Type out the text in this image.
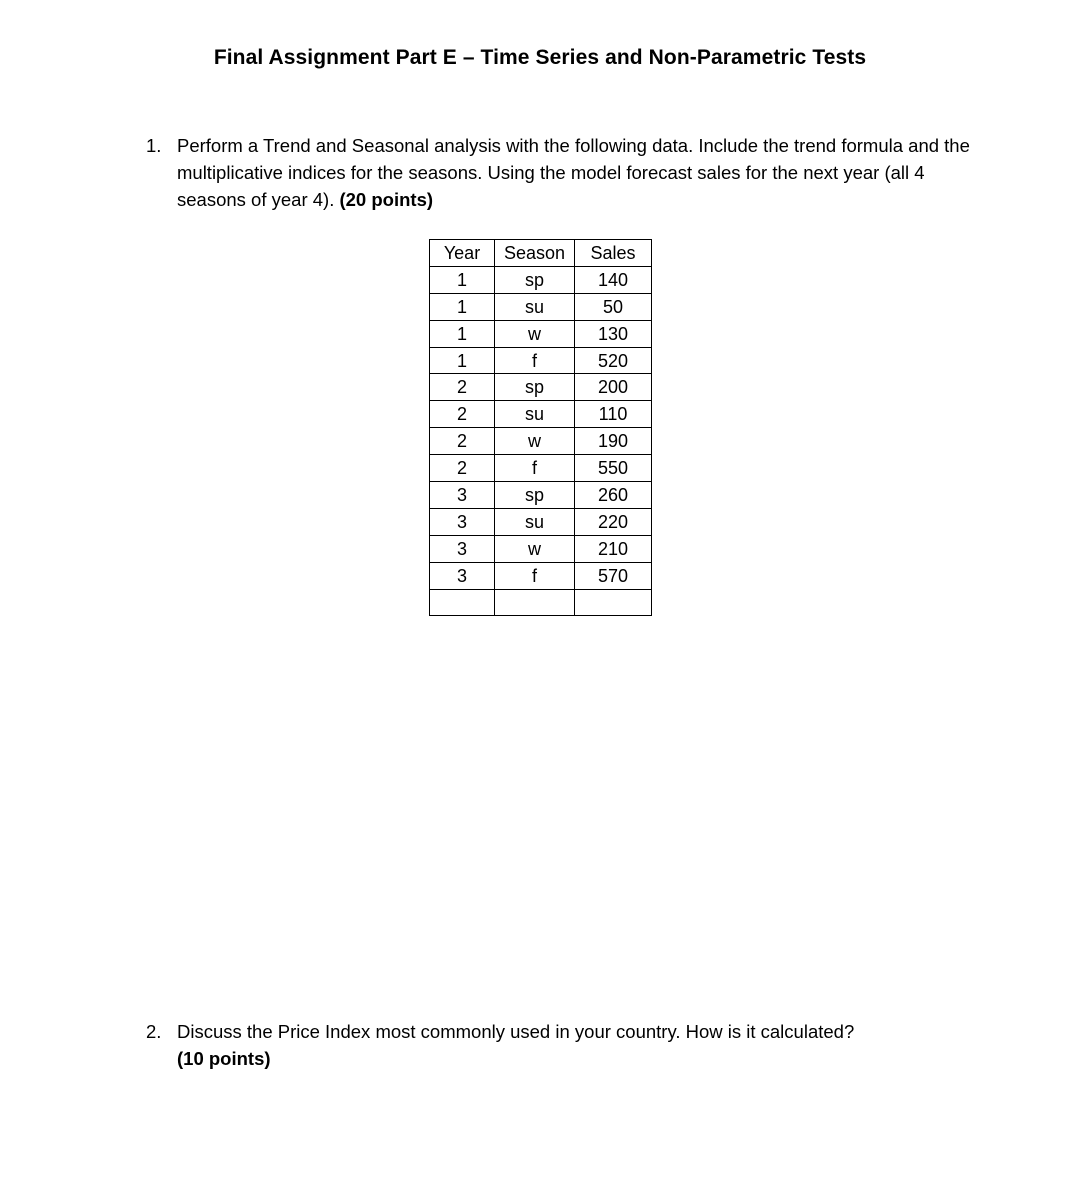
Final Assignment Part E – Time Series and Non-Parametric Tests
1. Perform a Trend and Seasonal analysis with the following data. Include the trend formula and the multiplicative indices for the seasons. Using the model forecast sales for the next year (all 4 seasons of year 4). (20 points)
Year	Season	Sales
1	sp	140
1	su	50
1	w	130
1	f	520
2	sp	200
2	su	110
2	w	190
2	f	550
3	sp	260
3	su	220
3	w	210
3	f	570

2. Discuss the Price Index most commonly used in your country. How is it calculated?
(10 points)
